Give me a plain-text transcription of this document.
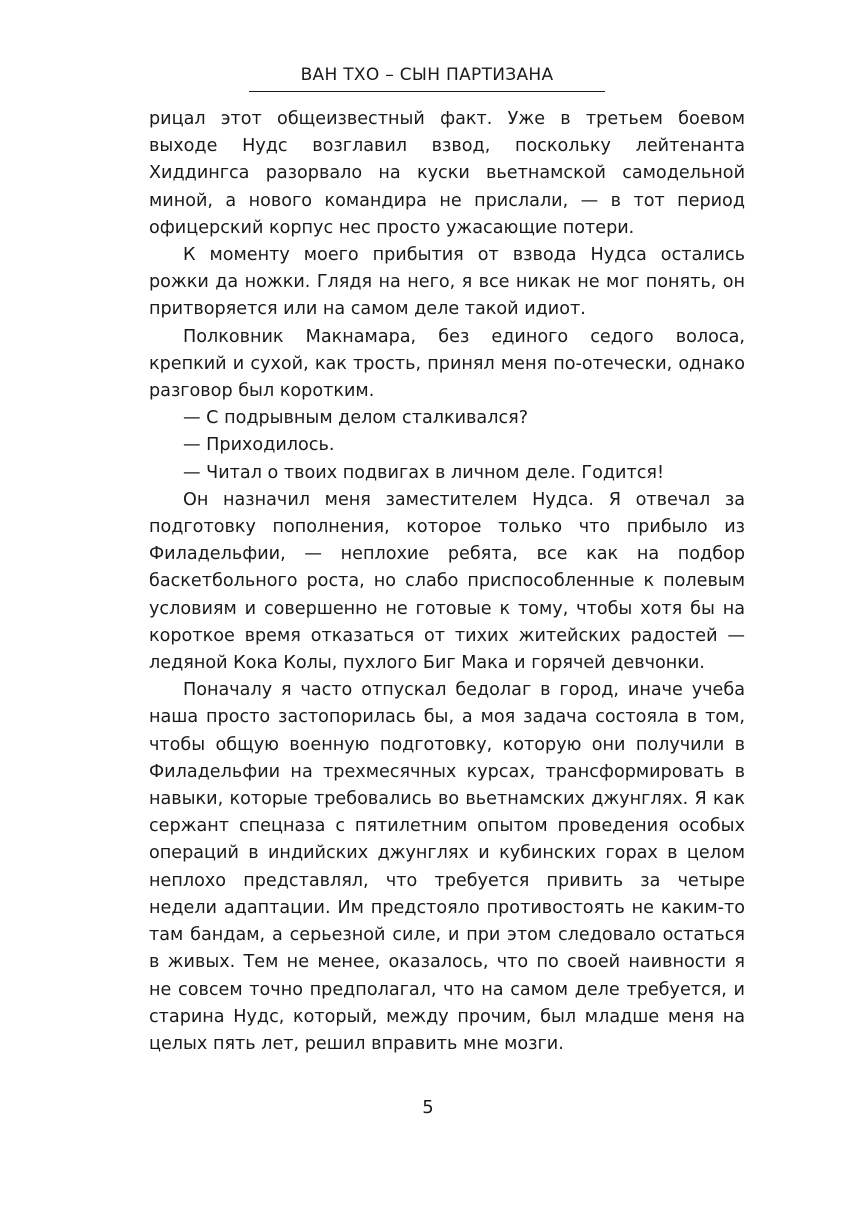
ВАН ТХО – СЫН ПАРТИЗАНА

рицал этот общеизвестный факт. Уже в третьем боевом выходе Нудс возглавил взвод, поскольку лейтенанта Хиддингса разорвало на куски вьетнамской самодельной миной, а нового командира не прислали, — в тот период офицерский корпус нес просто ужасающие потери.

К моменту моего прибытия от взвода Нудса остались рожки да ножки. Глядя на него, я все никак не мог понять, он притворяется или на самом деле такой идиот.

Полковник Макнамара, без единого седого волоса, крепкий и сухой, как трость, принял меня по-отечески, однако разговор был коротким.

— С подрывным делом сталкивался?

— Приходилось.

— Читал о твоих подвигах в личном деле. Годится!

Он назначил меня заместителем Нудса. Я отвечал за подготовку пополнения, которое только что прибыло из Филадельфии, — неплохие ребята, все как на подбор баскетбольного роста, но слабо приспособленные к полевым условиям и совершенно не готовые к тому, чтобы хотя бы на короткое время отказаться от тихих житейских радостей — ледяной Кока Колы, пухлого Биг Мака и горячей девчонки.

Поначалу я часто отпускал бедолаг в город, иначе учеба наша просто застопорилась бы, а моя задача состояла в том, чтобы общую военную подготовку, которую они получили в Филадельфии на трехмесячных курсах, трансформировать в навыки, которые требовались во вьетнамских джунглях. Я как сержант спецназа с пятилетним опытом проведения особых операций в индийских джунглях и кубинских горах в целом неплохо представлял, что требуется привить за четыре недели адаптации. Им предстояло противостоять не каким-то там бандам, а серьезной силе, и при этом следовало остаться в живых. Тем не менее, оказалось, что по своей наивности я не совсем точно предполагал, что на самом деле требуется, и старина Нудс, который, между прочим, был младше меня на целых пять лет, решил вправить мне мозги.

5
